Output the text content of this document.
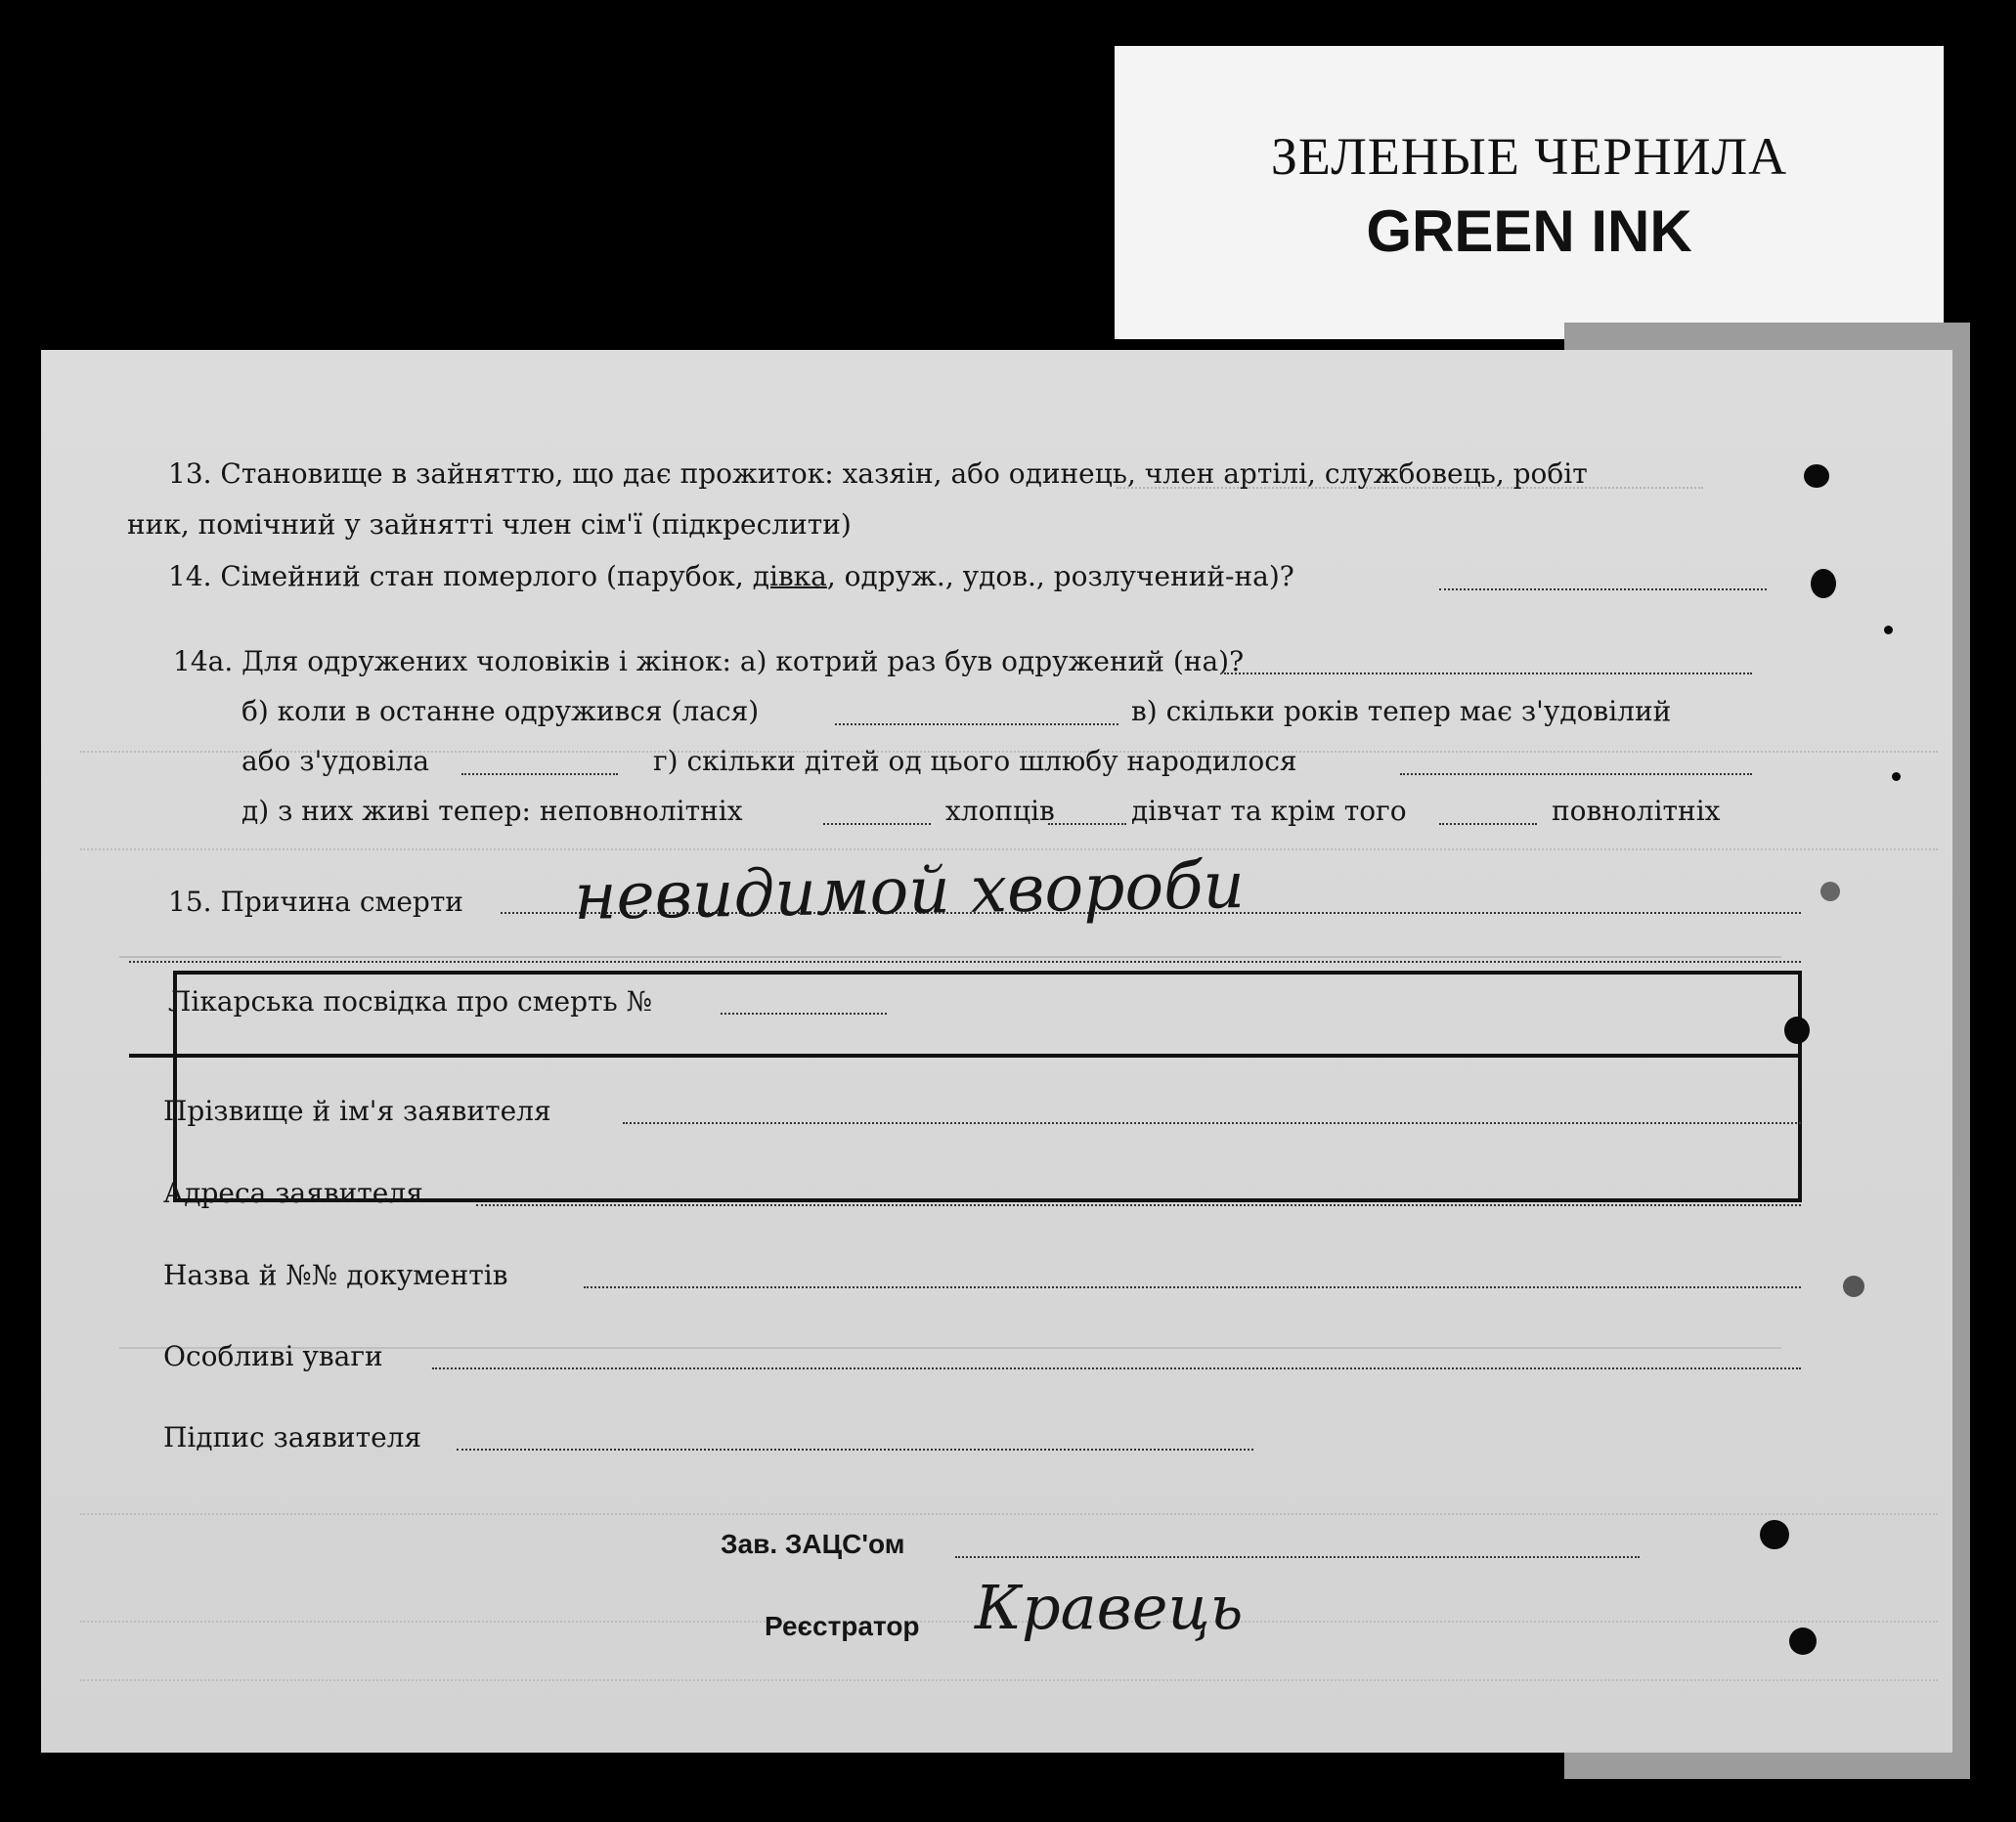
ЗЕЛЕНЫЕ ЧЕРНИЛА
GREEN INK
13. Становище в зайняттю, що дає прожиток: хазяін, або одинець, член артілі, службовець, робіт
ник, помічний у зайнятті член сім'ї (підкреслити)
14. Сімейний стан померлого (парубок, дівка, одруж., удов., розлучений-на)?
14а. Для одружених чоловіків і жінок: а) котрий раз був одружений (на)?
б) коли в останне одружився (лася)	в) скільки років тепер має з'удовілий
або з'удовіла	г) скільки дітей од цього шлюбу народилося
д) з них живі тепер: неповнолітніх	хлопців	дівчат та крім того	повнолітніх
15. Причина смерти невидимой хвороби
Лікарська посвідка про смерть №
Прізвище й ім'я заявителя
Адреса заявителя
Назва й №№ документів
Особливі уваги
Підпис заявителя
Зав. ЗАЦС'ом
Реєстратор Кравець
